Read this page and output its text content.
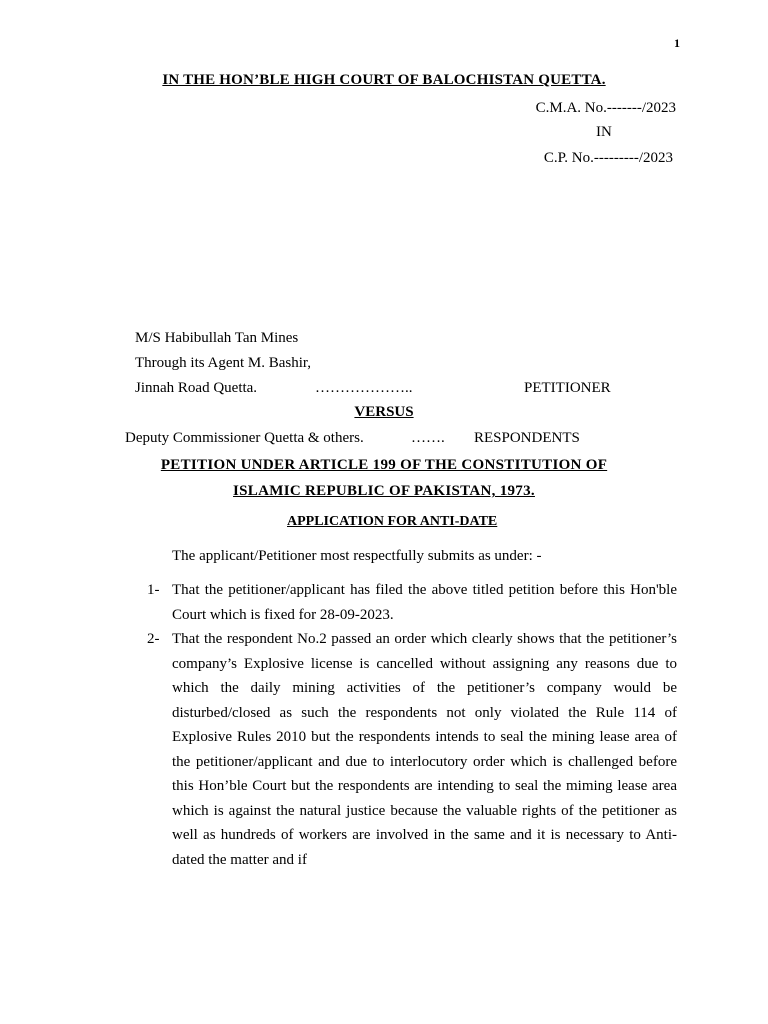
1
IN THE HON’BLE HIGH COURT OF BALOCHISTAN QUETTA.
C.M.A. No.-------/2023
IN
C.P. No.---------/2023
M/S Habibullah Tan Mines
Through its Agent M. Bashir,
Jinnah Road Quetta.	………………..	PETITIONER
VERSUS
Deputy Commissioner Quetta & others.	……. RESPONDENTS
PETITION UNDER ARTICLE 199 OF THE CONSTITUTION OF
ISLAMIC REPUBLIC OF PAKISTAN, 1973.
APPLICATION FOR ANTI-DATE
The applicant/Petitioner most respectfully submits as under: -
1- That the petitioner/applicant has filed the above titled petition before this Hon'ble Court which is fixed for 28-09-2023.
2- That the respondent No.2 passed an order which clearly shows that the petitioner’s company’s Explosive license is cancelled without assigning any reasons due to which the daily mining activities of the petitioner’s company would be disturbed/closed as such the respondents not only violated the Rule 114 of Explosive Rules 2010 but the respondents intends to seal the mining lease area of the petitioner/applicant and due to interlocutory order which is challenged before this Hon’ble Court but the respondents are intending to seal the miming lease area which is against the natural justice because the valuable rights of the petitioner as well as hundreds of workers are involved in the same and it is necessary to Anti-dated the matter and if
